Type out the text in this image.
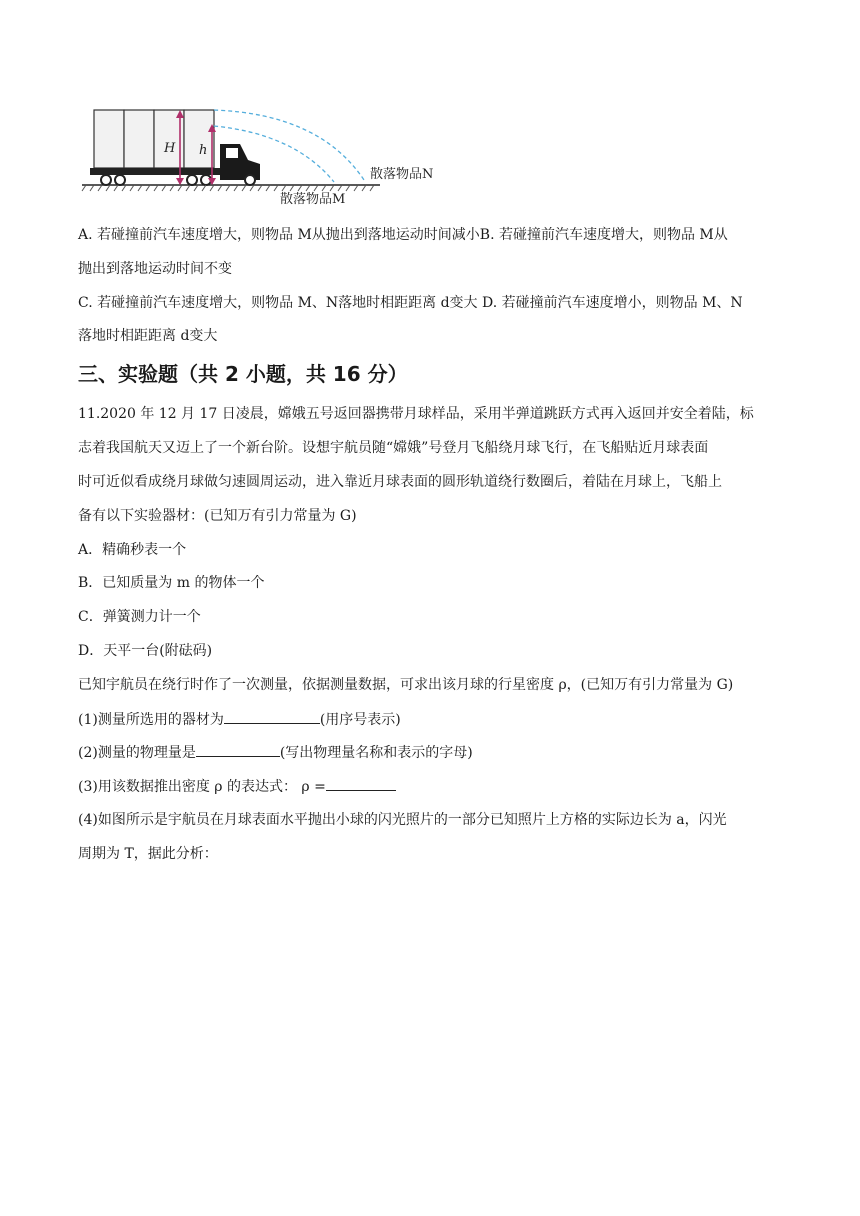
H h
散落物品N
散落物品M
A. 若碰撞前汽车速度增大，则物品 M从抛出到落地运动时间减小B. 若碰撞前汽车速度增大，则物品 M从
抛出到落地运动时间不变
C. 若碰撞前汽车速度增大，则物品 M、N落地时相距距离 d变大 D. 若碰撞前汽车速度增小，则物品 M、N
落地时相距距离 d变大
三、实验题（共 2 小题，共 16 分）
11.2020 年 12 月 17 日凌晨，嫦娥五号返回器携带月球样品，采用半弹道跳跃方式再入返回并安全着陆，标
志着我国航天又迈上了一个新台阶。设想宇航员随“嫦娥”号登月飞船绕月球飞行，在飞船贴近月球表面
时可近似看成绕月球做匀速圆周运动，进入靠近月球表面的圆形轨道绕行数圈后，着陆在月球上，飞船上
备有以下实验器材：(已知万有引力常量为 G)
A．精确秒表一个
B．已知质量为 m 的物体一个
C．弹簧测力计一个
D．天平一台(附砝码)
已知宇航员在绕行时作了一次测量，依据测量数据，可求出该月球的行星密度 ρ，(已知万有引力常量为 G)
(1)测量所选用的器材为	(用序号表示)
(2)测量的物理量是	(写出物理量名称和表示的字母)
(3)用该数据推出密度 ρ 的表达式： ρ =
(4)如图所示是宇航员在月球表面水平抛出小球的闪光照片的一部分已知照片上方格的实际边长为 a，闪光
周期为 T，据此分析：
